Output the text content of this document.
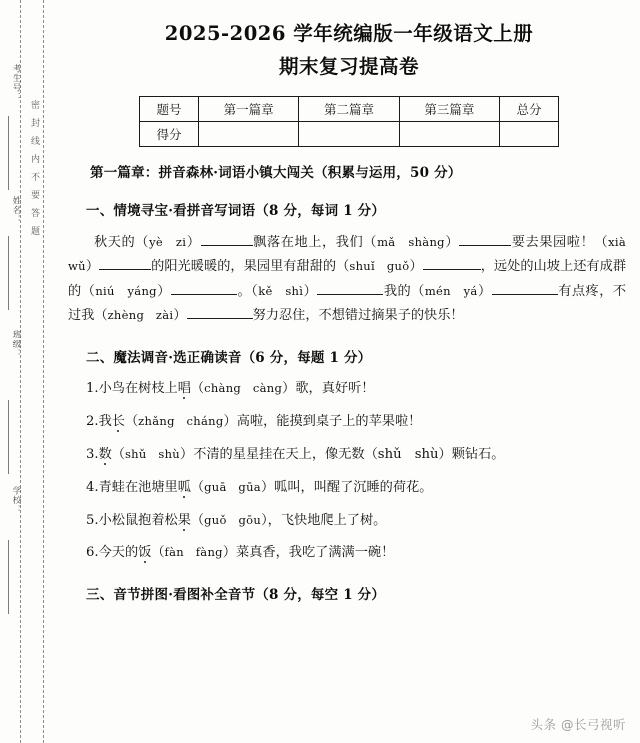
考生号：
姓名：
班级：
学校：
密封线内不要答题
2025-2026 学年统编版一年级语文上册
期末复习提高卷
题号	第一篇章	第二篇章	第三篇章	总分
得分				
第一篇章：拼音森林·词语小镇大闯关（积累与运用，50 分）
一、情境寻宝·看拼音写词语（8 分，每词 1 分）
秋天的（yè　zi）	飘落在地上，我们（mǎ　shàng）	要去果园啦！（xià　wǔ）	的阳光暖暖的，果园里有甜甜的（shuǐ　guǒ）	，远处的山坡上还有成群的（niú　yáng）	。（kě　shì）	我的（mén　yá）	有点疼，不过我（zhèng　zài）	努力忍住，不想错过摘果子的快乐！
二、魔法调音·选正确读音（6 分，每题 1 分）
1.小鸟在树枝上唱（chàng　càng）歌，真好听！
2.我长（zhǎng　cháng）高啦，能摸到桌子上的苹果啦！
3.数（shǔ　shù）不清的星星挂在天上，像无数（shǔ　shù）颗钻石。
4.青蛙在池塘里呱（guā　gūa）呱叫，叫醒了沉睡的荷花。
5.小松鼠抱着松果（guǒ　gōu），飞快地爬上了树。
6.今天的饭（fàn　fàng）菜真香，我吃了满满一碗！
三、音节拼图·看图补全音节（8 分，每空 1 分）
头条 @长弓视听
